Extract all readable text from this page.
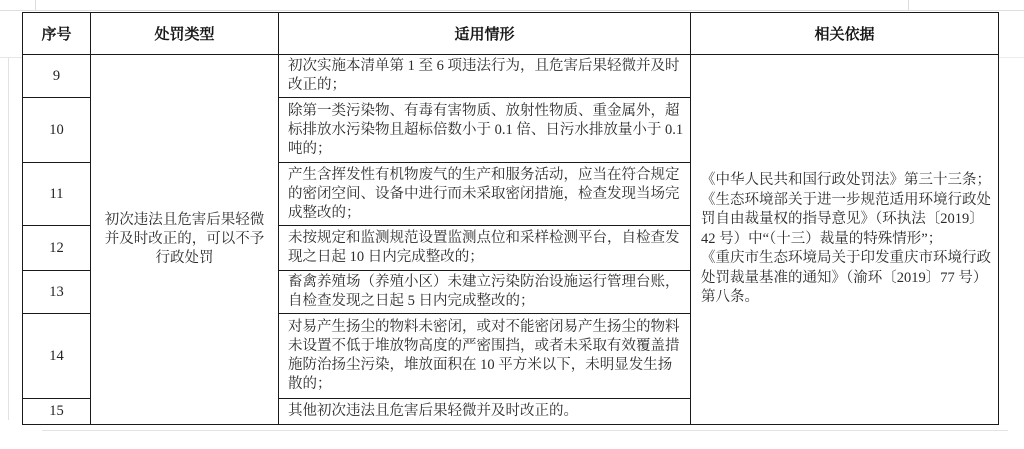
序号	处罚类型	适用情形	相关依据
9	初次违法且危害后果轻微并及时改正的，可以不予行政处罚	初次实施本清单第 1 至 6 项违法行为，且危害后果轻微并及时改正的；	《中华人民共和国行政处罚法》第三十三条；

《生态环境部关于进一步规范适用环境行政处罚自由裁量权的指导意见》（环执法〔2019〕42 号）中“（十三）裁量的特殊情形”；

《重庆市生态环境局关于印发重庆市环境行政处罚裁量基准的通知》（渝环〔2019〕77 号）第八条。

10		除第一类污染物、有毒有害物质、放射性物质、重金属外，超标排放水污染物且超标倍数小于 0.1 倍、日污水排放量小于 0.1 吨的；	
11		产生含挥发性有机物废气的生产和服务活动，应当在符合规定的密闭空间、设备中进行而未采取密闭措施，检查发现当场完成整改的；	
12		未按规定和监测规范设置监测点位和采样检测平台，自检查发现之日起 10 日内完成整改的；	
13		畜禽养殖场（养殖小区）未建立污染防治设施运行管理台账，自检查发现之日起 5 日内完成整改的；	
14		对易产生扬尘的物料未密闭，或对不能密闭易产生扬尘的物料未设置不低于堆放物高度的严密围挡，或者未采取有效覆盖措施防治扬尘污染，堆放面积在 10 平方米以下，未明显发生扬散的；	
15		其他初次违法且危害后果轻微并及时改正的。	
